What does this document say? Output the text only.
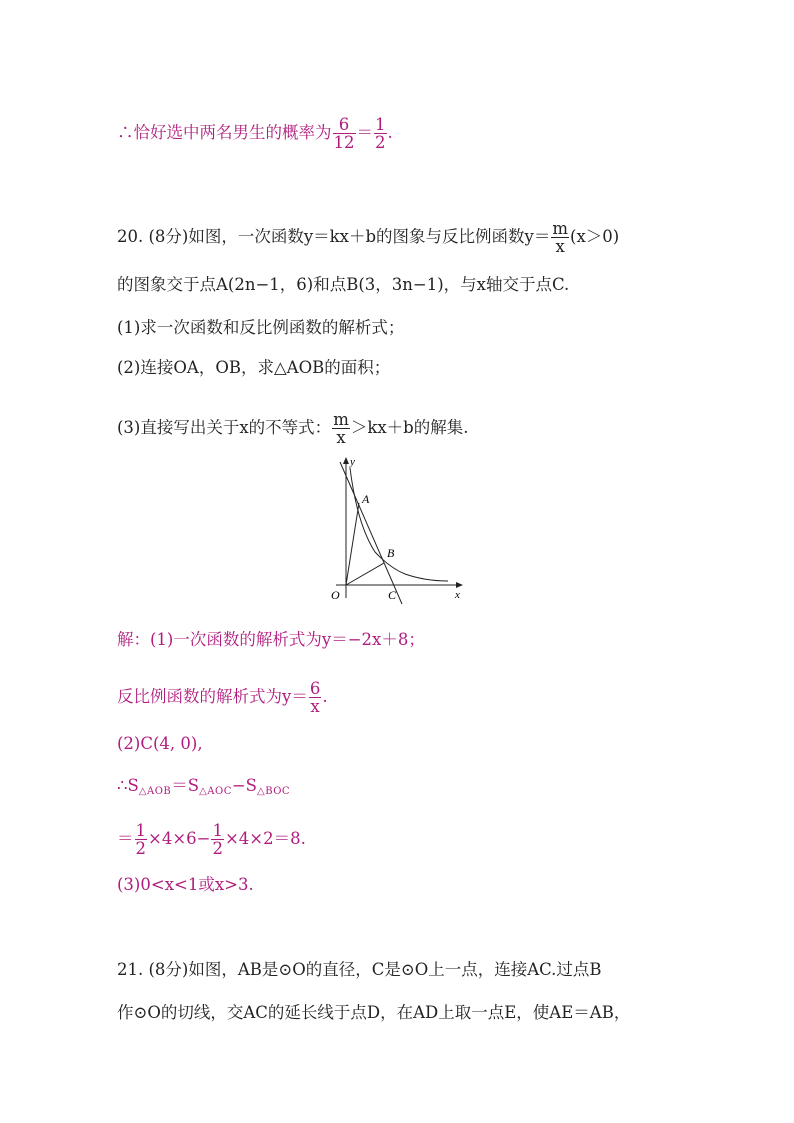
∴恰好选中两名男生的概率为 $\frac{6}{12} = \frac{1}{2}$ .
20. (8分)如图，一次函数y＝kx＋b的图象与反比例函数$y= \frac{m}{x} (x>0)$
的图象交于点A(2n−1，6)和点B(3，3n−1)，与x轴交于点C.
(1)求一次函数和反比例函数的解析式；
(2)连接OA，OB，求△AOB的面积；
(3)直接写出关于x的不等式： $\frac{m}{x} >kx+b$的解集.
y
x
O
A
B
C
解：(1)一次函数的解析式为y＝−2x＋8；
反比例函数的解析式为$y= \frac{6}{x}$ .
(2)C(4, 0),
$\therefore S_{\triangle AOB}=S_{\triangle AOC}-S_{\triangle BOC}$
＝ $\frac{1}{2} \times 4\times 6- \frac{1}{2} \times 4\times 2=8$.
(3)0<x<1或x>3.
21. (8分)如图，AB是⊙O的直径，C是⊙O上一点，连接AC.过点B
作⊙O的切线，交AC的延长线于点D，在AD上取一点E，使AE＝AB，
